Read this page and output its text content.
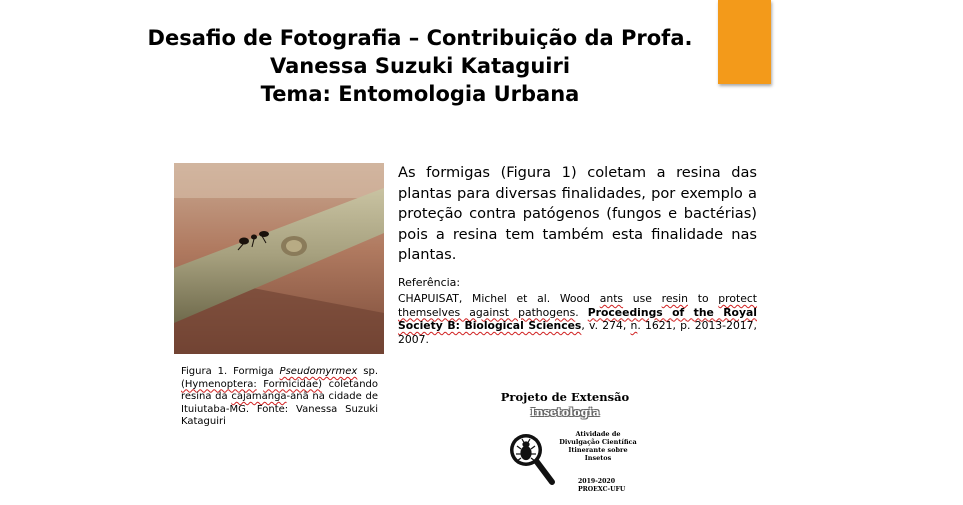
Desafio de Fotografia – Contribuição da Profa.
Vanessa Suzuki Kataguiri
Tema: Entomologia Urbana
Figura 1. Formiga Pseudomyrmex sp. (Hymenoptera: Formicidae) coletando resina da cajamanga-anã na cidade de Ituiutaba-MG. Fonte: Vanessa Suzuki Kataguiri
As formigas (Figura 1) coletam a resina das plantas para diversas finalidades, por exemplo a proteção contra patógenos (fungos e bactérias) pois a resina tem também esta finalidade nas plantas.
Referência:
CHAPUISAT, Michel et al. Wood ants use resin to protect themselves against pathogens. Proceedings of the Royal Society B: Biological Sciences, v. 274, n. 1621, p. 2013-2017, 2007.
Projeto de Extensão
Insetologia
Atividade de
Divulgação Científica
Itinerante sobre
Insetos
2019-2020
PROEXC-UFU
